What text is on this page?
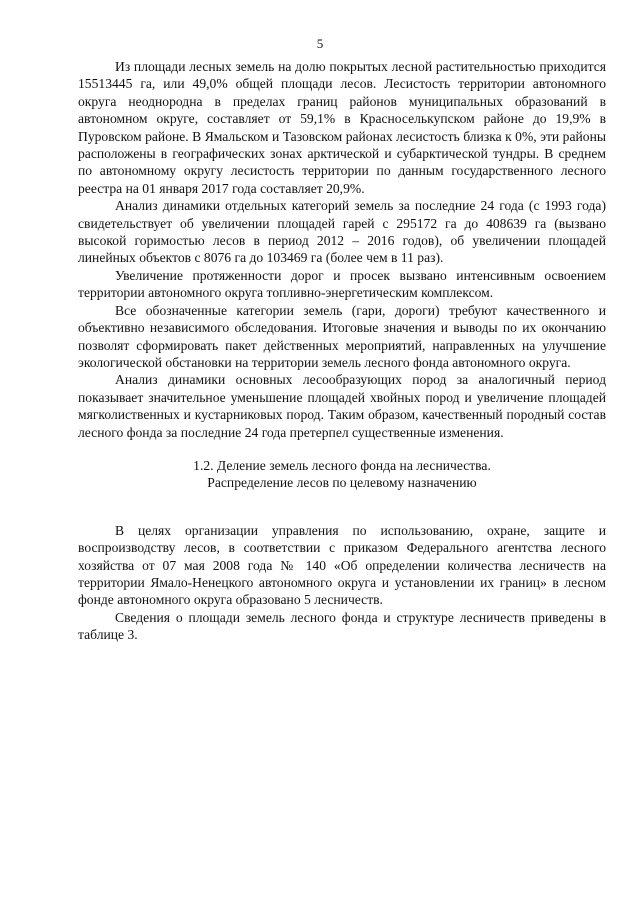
5

Из площади лесных земель на долю покрытых лесной растительностью приходится 15513445 га, или 49,0% общей площади лесов. Лесистость территории автономного округа неоднородна в пределах границ районов муниципальных образований в автономном округе, составляет от 59,1% в Красноселькупском районе до 19,9% в Пуровском районе. В Ямальском и Тазовском районах лесистость близка к 0%, эти районы расположены в географических зонах арктической и субарктической тундры. В среднем по автономному округу лесистость территории по данным государственного лесного реестра на 01 января 2017 года составляет 20,9%.

Анализ динамики отдельных категорий земель за последние 24 года (с 1993 года) свидетельствует об увеличении площадей гарей с 295172 га до 408639 га (вызвано высокой горимостью лесов в период 2012 – 2016 годов), об увеличении площадей линейных объектов с 8076 га до 103469 га (более чем в 11 раз).

Увеличение протяженности дорог и просек вызвано интенсивным освоением территории автономного округа топливно-энергетическим комплексом.

Все обозначенные категории земель (гари, дороги) требуют качественного и объективно независимого обследования. Итоговые значения и выводы по их окончанию позволят сформировать пакет действенных мероприятий, направленных на улучшение экологической обстановки на территории земель лесного фонда автономного округа.

Анализ динамики основных лесообразующих пород за аналогичный период показывает значительное уменьшение площадей хвойных пород и увеличение площадей мягколиственных и кустарниковых пород. Таким образом, качественный породный состав лесного фонда за последние 24 года претерпел существенные изменения.

1.2. Деление земель лесного фонда на лесничества.
Распределение лесов по целевому назначению

В целях организации управления по использованию, охране, защите и воспроизводству лесов, в соответствии с приказом Федерального агентства лесного хозяйства от 07 мая 2008 года № 140 «Об определении количества лесничеств на территории Ямало-Ненецкого автономного округа и установлении их границ» в лесном фонде автономного округа образовано 5 лесничеств.

Сведения о площади земель лесного фонда и структуре лесничеств приведены в таблице 3.
